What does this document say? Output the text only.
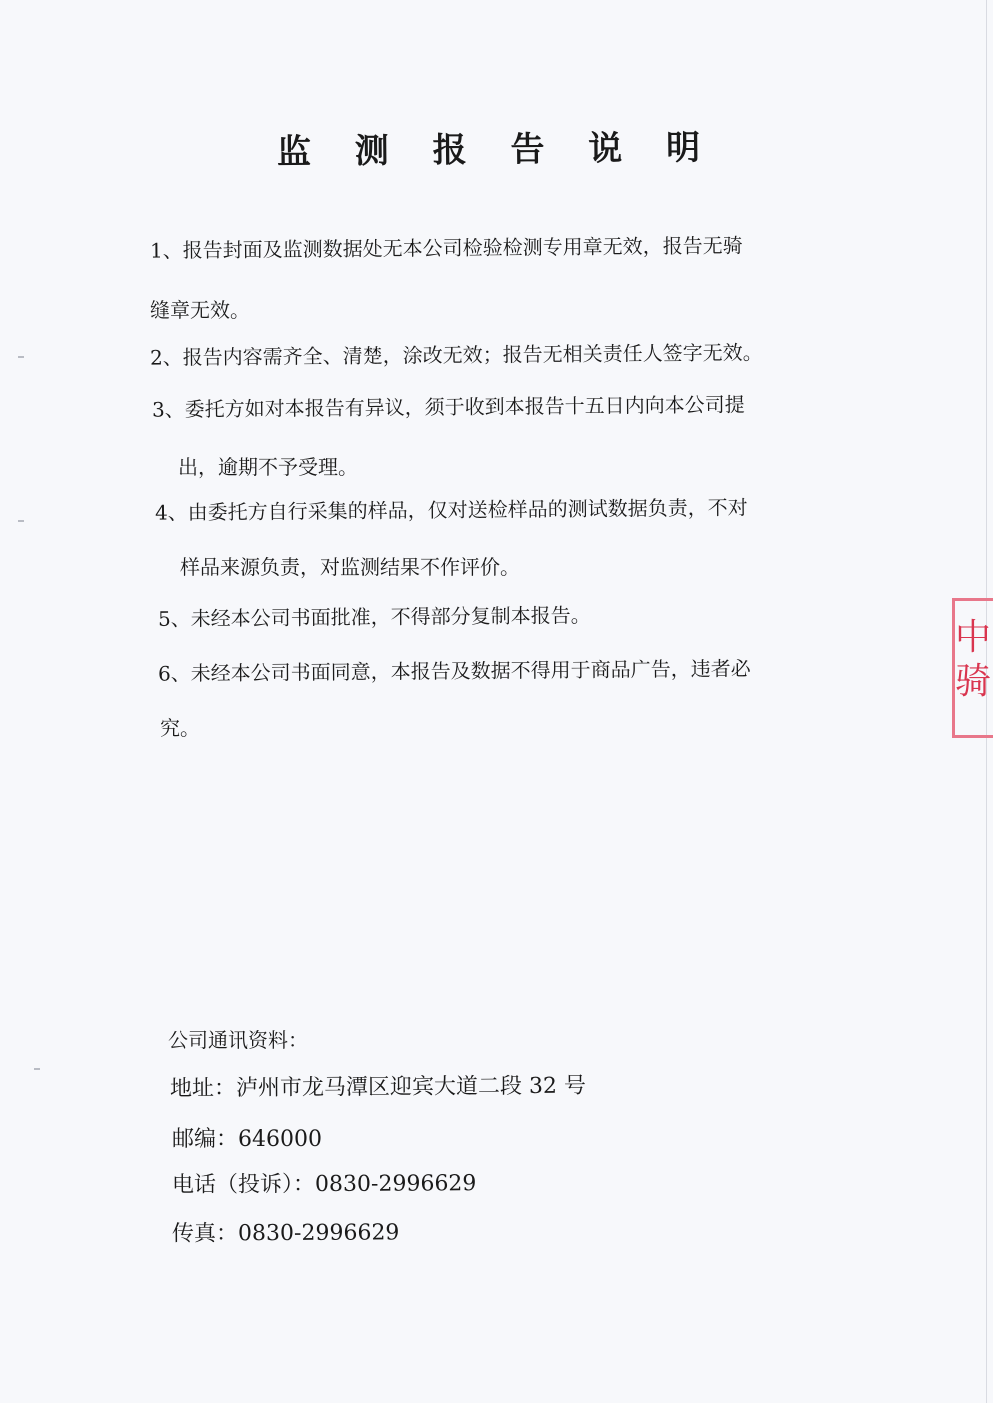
监 测 报 告 说 明
1、报告封面及监测数据处无本公司检验检测专用章无效，报告无骑
缝章无效。
2、报告内容需齐全、清楚，涂改无效；报告无相关责任人签字无效。
3、委托方如对本报告有异议，须于收到本报告十五日内向本公司提
出，逾期不予受理。
4、由委托方自行采集的样品，仅对送检样品的测试数据负责，不对
样品来源负责，对监测结果不作评价。
5、未经本公司书面批准，不得部分复制本报告。
6、未经本公司书面同意，本报告及数据不得用于商品广告，违者必
究。
公司通讯资料：
地址：泸州市龙马潭区迎宾大道二段 32 号
邮编：646000
电话（投诉）：0830-2996629
传真：0830-2996629
中
骑
